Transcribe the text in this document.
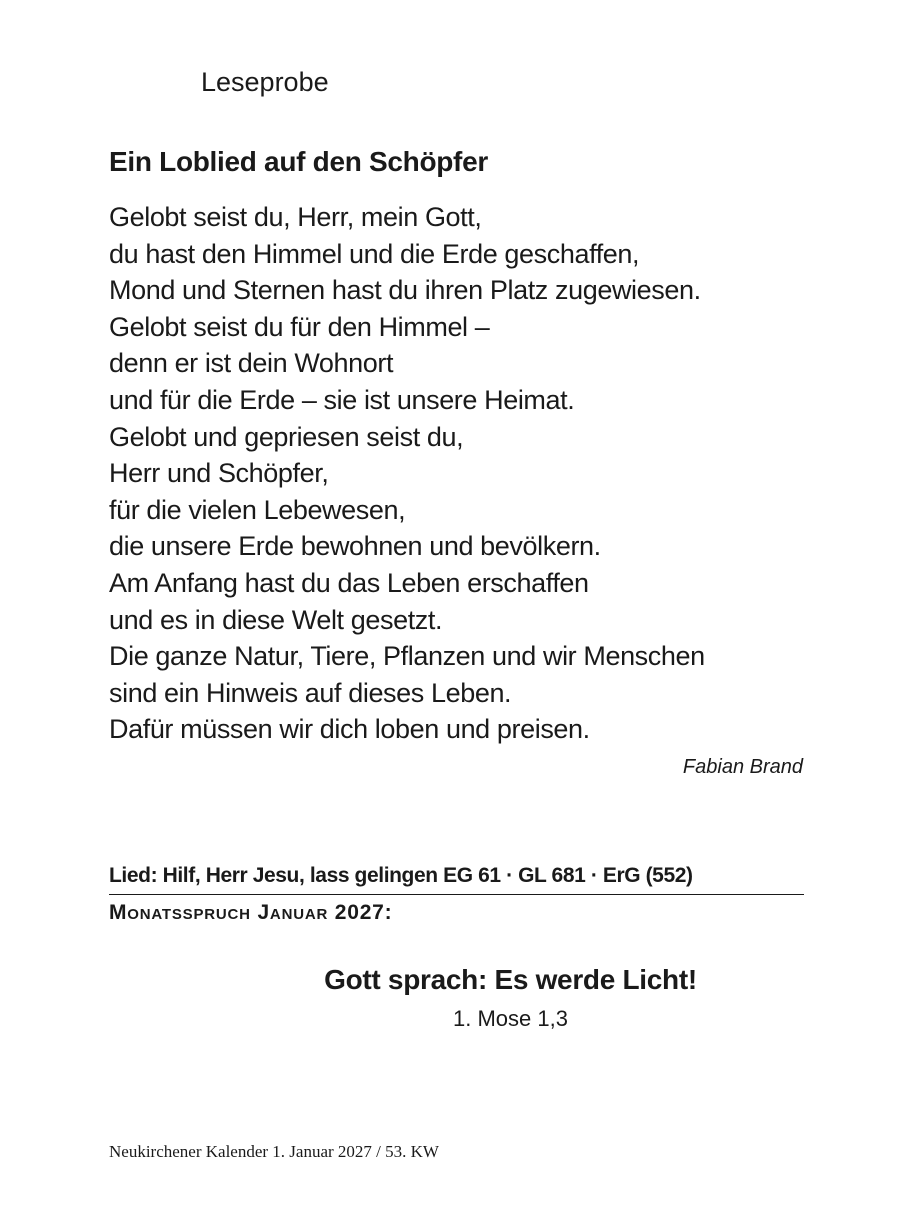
Leseprobe
Ein Loblied auf den Schöpfer
Gelobt seist du, Herr, mein Gott,
du hast den Himmel und die Erde geschaffen,
Mond und Sternen hast du ihren Platz zugewiesen.
Gelobt seist du für den Himmel –
denn er ist dein Wohnort
und für die Erde – sie ist unsere Heimat.
Gelobt und gepriesen seist du,
Herr und Schöpfer,
für die vielen Lebewesen,
die unsere Erde bewohnen und bevölkern.
Am Anfang hast du das Leben erschaffen
und es in diese Welt gesetzt.
Die ganze Natur, Tiere, Pflanzen und wir Menschen
sind ein Hinweis auf dieses Leben.
Dafür müssen wir dich loben und preisen.
Fabian Brand
Lied: Hilf, Herr Jesu, lass gelingen EG 61 · GL 681 · ErG (552)
Monatsspruch Januar 2027:
Gott sprach: Es werde Licht!
1. Mose 1,3
Neukirchener Kalender 1. Januar 2027 / 53. KW
